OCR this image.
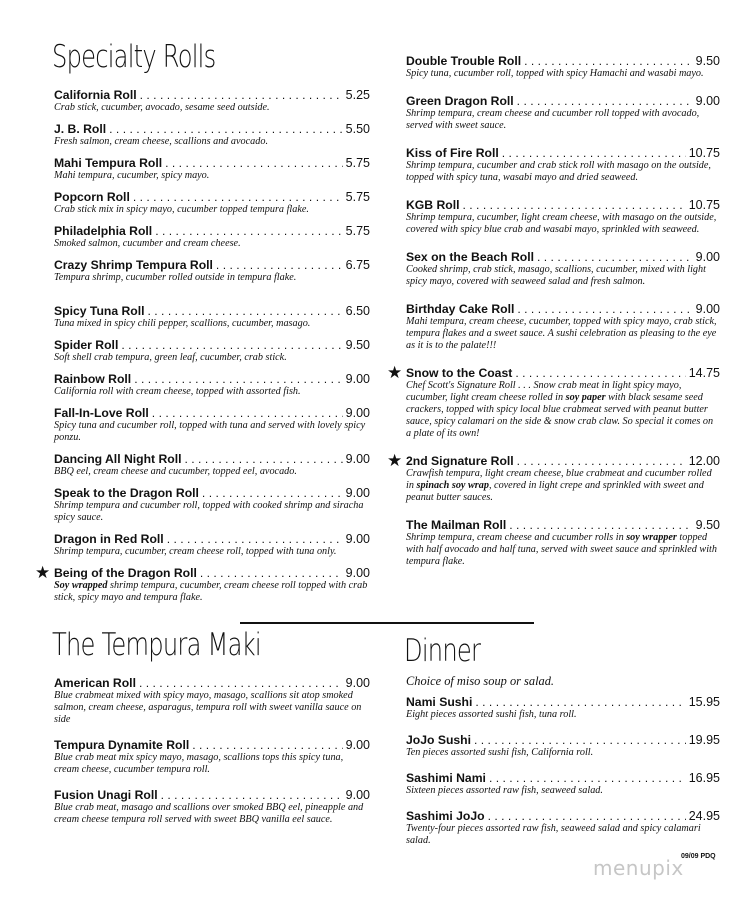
Specialty Rolls
California Roll . . .	5.25
Crab stick, cucumber, avocado, sesame seed outside.
J. B. Roll . . .	5.50
Fresh salmon, cream cheese, scallions and avocado.
Mahi Tempura Roll . . .	5.75
Mahi tempura, cucumber, spicy mayo.
Popcorn Roll . . .	5.75
Crab stick mix in spicy mayo, cucumber topped tempura flake.
Philadelphia Roll . . .	5.75
Smoked salmon, cucumber and cream cheese.
Crazy Shrimp Tempura Roll . . .	6.75
Tempura shrimp, cucumber rolled outside in tempura flake.
Spicy Tuna Roll . . .	6.50
Tuna mixed in spicy chili pepper, scallions, cucumber, masago.
Spider Roll . . .	9.50
Soft shell crab tempura, green leaf, cucumber, crab stick.
Rainbow Roll . . .	9.00
California roll with cream cheese, topped with assorted fish.
Fall-In-Love Roll . . .	9.00
Spicy tuna and cucumber roll, topped with tuna and served with lovely spicy ponzu.
Dancing All Night Roll . . .	9.00
BBQ eel, cream cheese and cucumber, topped eel, avocado.
Speak to the Dragon Roll . . .	9.00
Shrimp tempura and cucumber roll, topped with cooked shrimp and siracha spicy sauce.
Dragon in Red Roll . . .	9.00
Shrimp tempura, cucumber, cream cheese roll, topped with tuna only.
★ Being of the Dragon Roll . . .	9.00
Soy wrapped shrimp tempura, cucumber, cream cheese roll topped with crab stick, spicy mayo and tempura flake.
Double Trouble Roll . . .	9.50
Spicy tuna, cucumber roll, topped with spicy Hamachi and wasabi mayo.
Green Dragon Roll . . .	9.00
Shrimp tempura, cream cheese and cucumber roll topped with avocado, served with sweet sauce.
Kiss of Fire Roll . . .	10.75
Shrimp tempura, cucumber and crab stick roll with masago on the outside, topped with spicy tuna, wasabi mayo and dried seaweed.
KGB Roll . . .	10.75
Shrimp tempura, cucumber, light cream cheese, with masago on the outside, covered with spicy blue crab and wasabi mayo, sprinkled with seaweed.
Sex on the Beach Roll . . .	9.00
Cooked shrimp, crab stick, masago, scallions, cucumber, mixed with light spicy mayo, covered with seaweed salad and fresh salmon.
Birthday Cake Roll . . .	9.00
Mahi tempura, cream cheese, cucumber, topped with spicy mayo, crab stick, tempura flakes and a sweet sauce. A sushi celebration as pleasing to the eye as it is to the palate!!!
★ Snow to the Coast . . .	14.75
Chef Scott's Signature Roll . . . Snow crab meat in light spicy mayo, cucumber, light cream cheese rolled in soy paper with black sesame seed crackers, topped with spicy local blue crabmeat served with peanut butter sauce, spicy calamari on the side & snow crab claw. So special it comes on a plate of its own!
★ 2nd Signature Roll . . .	12.00
Crawfish tempura, light cream cheese, blue crabmeat and cucumber rolled in spinach soy wrap, covered in light crepe and sprinkled with sweet and peanut butter sauces.
The Mailman Roll . . .	9.50
Shrimp tempura, cream cheese and cucumber rolls in soy wrapper topped with half avocado and half tuna, served with sweet sauce and sprinkled with tempura flake.
The Tempura Maki
American Roll . . .	9.00
Blue crabmeat mixed with spicy mayo, masago, scallions sit atop smoked salmon, cream cheese, asparagus, tempura roll with sweet vanilla sauce on side
Tempura Dynamite Roll . . .	9.00
Blue crab meat mix spicy mayo, masago, scallions tops this spicy tuna, cream cheese, cucumber tempura roll.
Fusion Unagi Roll . . .	9.00
Blue crab meat, masago and scallions over smoked BBQ eel, pineapple and cream cheese tempura roll served with sweet BBQ vanilla eel sauce.
Dinner
Choice of miso soup or salad.
Nami Sushi . . .	15.95
Eight pieces assorted sushi fish, tuna roll.
JoJo Sushi . . .	19.95
Ten pieces assorted sushi fish, California roll.
Sashimi Nami . . .	16.95
Sixteen pieces assorted raw fish, seaweed salad.
Sashimi JoJo . . .	24.95
Twenty-four pieces assorted raw fish, seaweed salad and spicy calamari salad.
09/09 PDQ
menupix
